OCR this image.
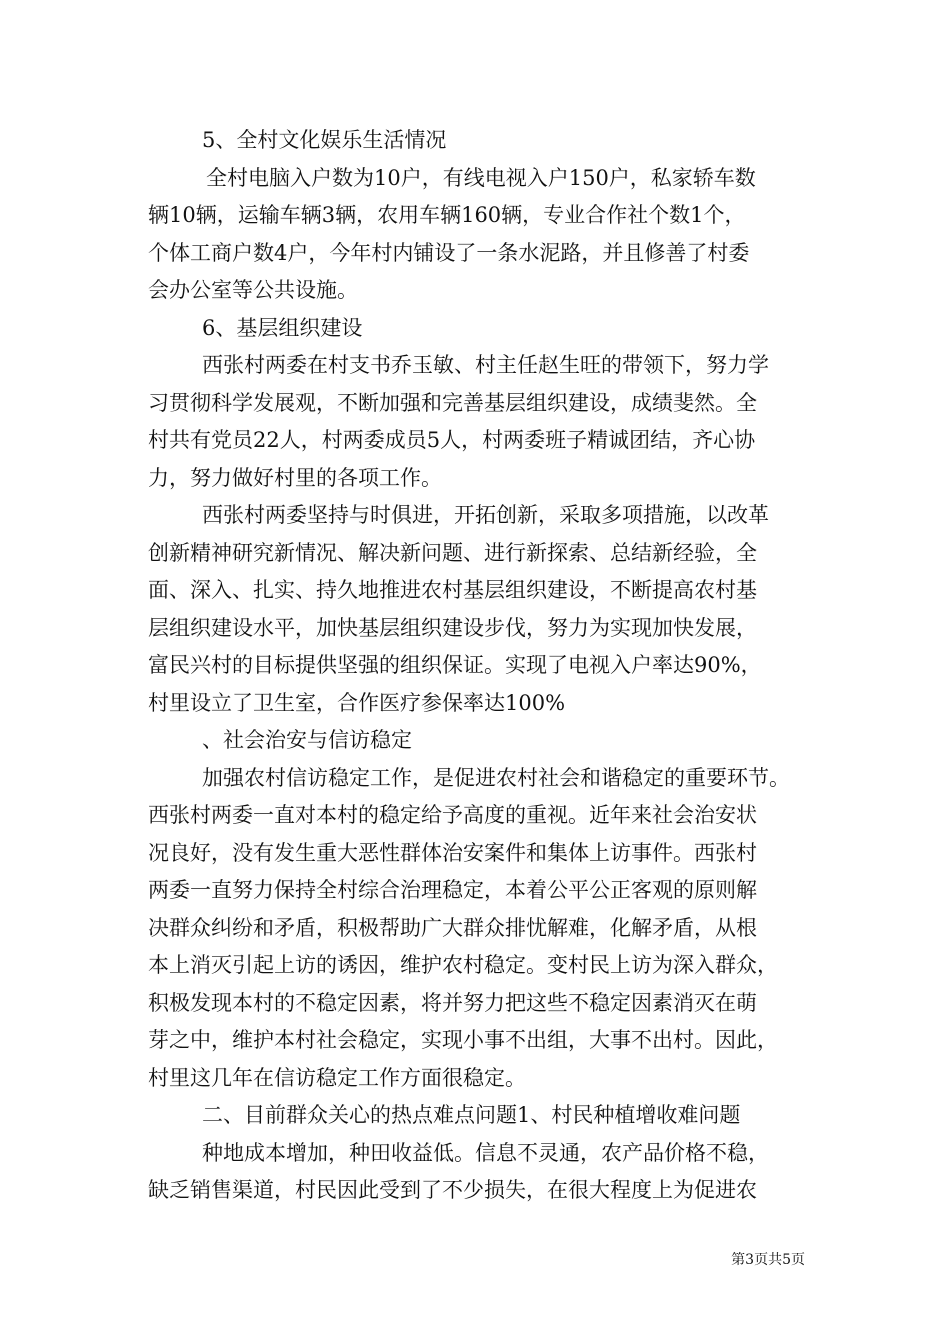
5、全村文化娱乐生活情况
全村电脑入户数为10户，有线电视入户150户，私家轿车数
辆10辆，运输车辆3辆，农用车辆160辆，专业合作社个数1个，
个体工商户数4户，今年村内铺设了一条水泥路，并且修善了村委
会办公室等公共设施。
6、基层组织建设
西张村两委在村支书乔玉敏、村主任赵生旺的带领下，努力学
习贯彻科学发展观，不断加强和完善基层组织建设，成绩斐然。全
村共有党员22人，村两委成员5人，村两委班子精诚团结，齐心协
力，努力做好村里的各项工作。
西张村两委坚持与时俱进，开拓创新，采取多项措施，以改革
创新精神研究新情况、解决新问题、进行新探索、总结新经验，全
面、深入、扎实、持久地推进农村基层组织建设，不断提高农村基
层组织建设水平，加快基层组织建设步伐，努力为实现加快发展，
富民兴村的目标提供坚强的组织保证。实现了电视入户率达90%，
村里设立了卫生室，合作医疗参保率达100%
、社会治安与信访稳定
加强农村信访稳定工作，是促进农村社会和谐稳定的重要环节。
西张村两委一直对本村的稳定给予高度的重视。近年来社会治安状
况良好，没有发生重大恶性群体治安案件和集体上访事件。西张村
两委一直努力保持全村综合治理稳定，本着公平公正客观的原则解
决群众纠纷和矛盾，积极帮助广大群众排忧解难，化解矛盾，从根
本上消灭引起上访的诱因，维护农村稳定。变村民上访为深入群众，
积极发现本村的不稳定因素，将并努力把这些不稳定因素消灭在萌
芽之中，维护本村社会稳定，实现小事不出组，大事不出村。因此，
村里这几年在信访稳定工作方面很稳定。
二、目前群众关心的热点难点问题1、村民种植增收难问题
种地成本增加，种田收益低。信息不灵通，农产品价格不稳，
缺乏销售渠道，村民因此受到了不少损失，在很大程度上为促进农
第3页共5页
